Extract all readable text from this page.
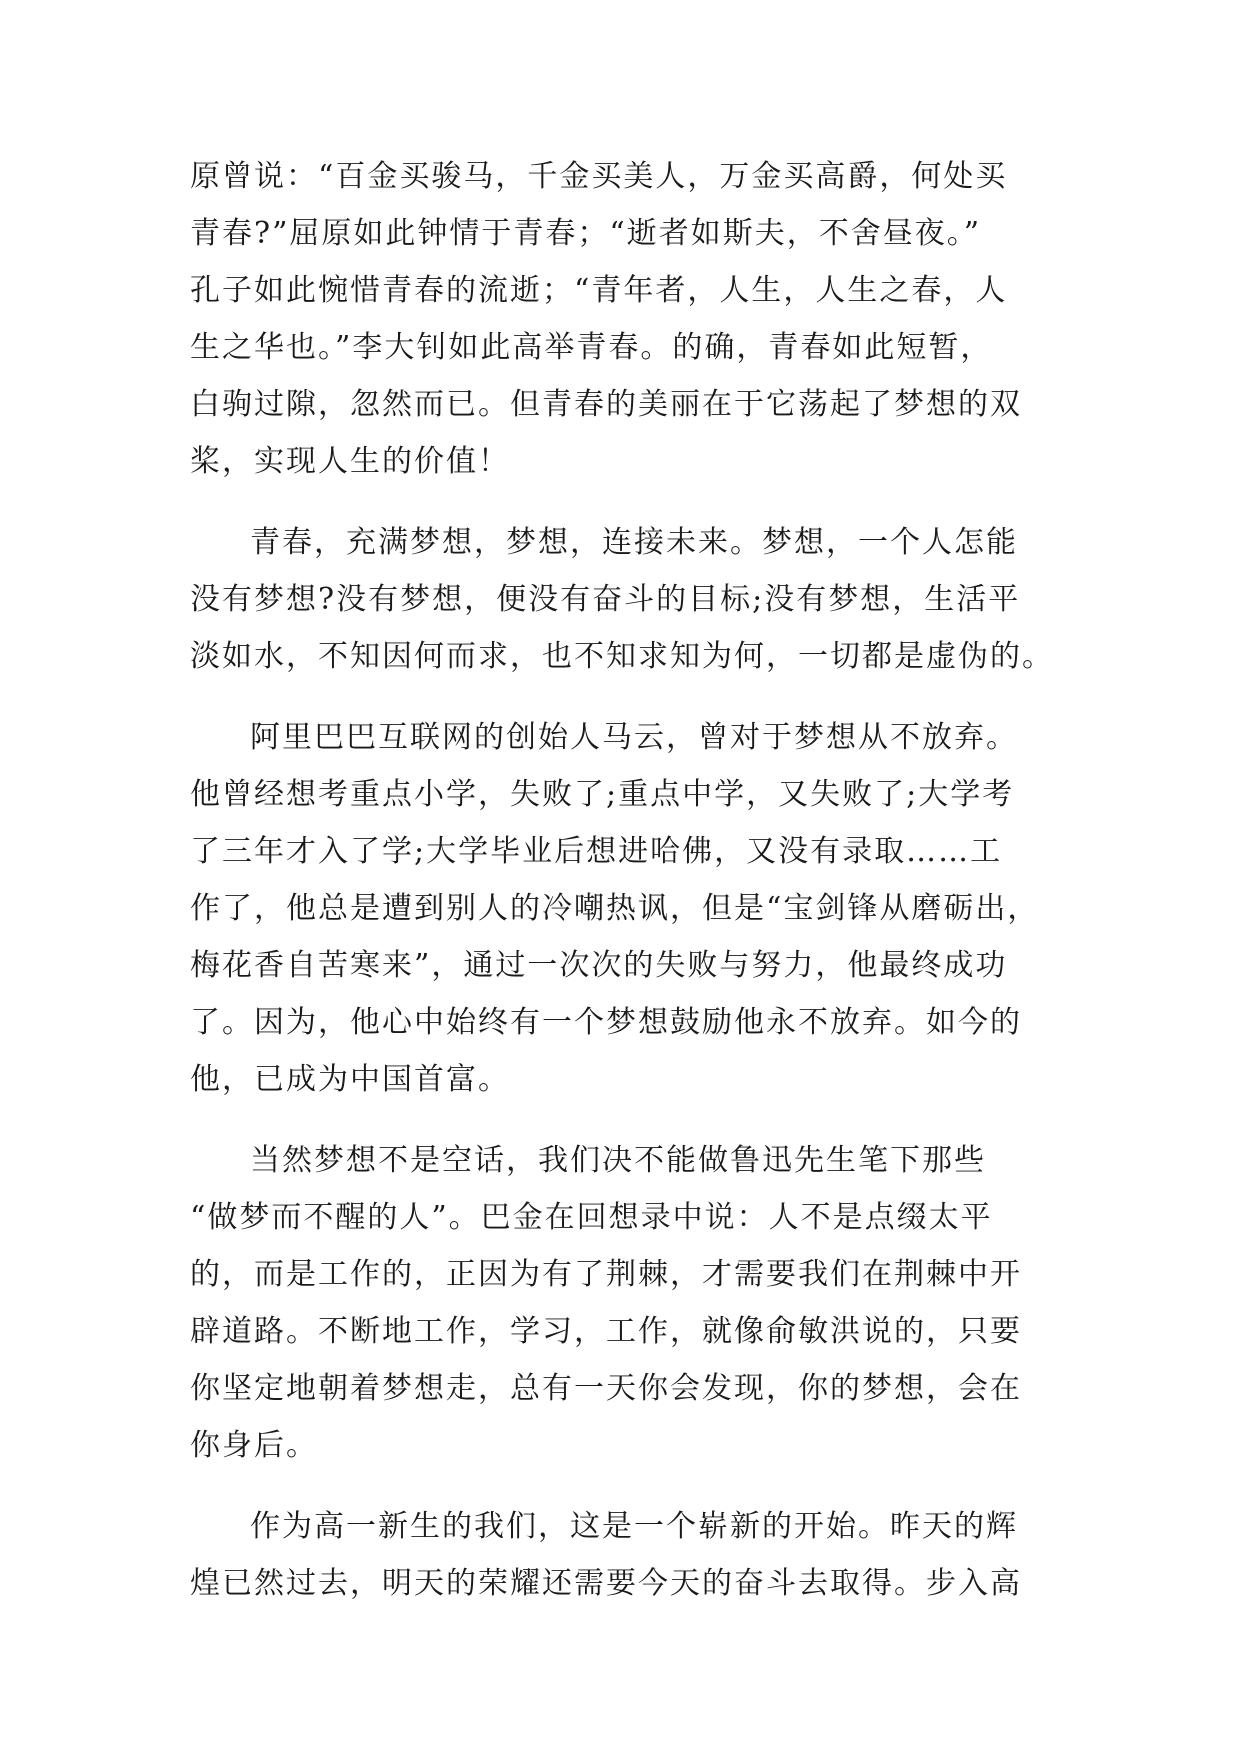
原曾说：“百金买骏马，千金买美人，万金买高爵，何处买
青春?”屈原如此钟情于青春；“逝者如斯夫，不舍昼夜。”
孔子如此惋惜青春的流逝；“青年者，人生，人生之春，人
生之华也。”李大钊如此高举青春。的确，青春如此短暂，
白驹过隙，忽然而已。但青春的美丽在于它荡起了梦想的双
桨，实现人生的价值！
青春，充满梦想，梦想，连接未来。梦想，一个人怎能
没有梦想?没有梦想，便没有奋斗的目标;没有梦想，生活平
淡如水，不知因何而求，也不知求知为何，一切都是虚伪的。
阿里巴巴互联网的创始人马云，曾对于梦想从不放弃。
他曾经想考重点小学，失败了;重点中学，又失败了;大学考
了三年才入了学;大学毕业后想进哈佛，又没有录取……工
作了，他总是遭到别人的冷嘲热讽，但是“宝剑锋从磨砺出，
梅花香自苦寒来”，通过一次次的失败与努力，他最终成功
了。因为，他心中始终有一个梦想鼓励他永不放弃。如今的
他，已成为中国首富。
当然梦想不是空话，我们决不能做鲁迅先生笔下那些
“做梦而不醒的人”。巴金在回想录中说：人不是点缀太平
的，而是工作的，正因为有了荆棘，才需要我们在荆棘中开
辟道路。不断地工作，学习，工作，就像俞敏洪说的，只要
你坚定地朝着梦想走，总有一天你会发现，你的梦想，会在
你身后。
作为高一新生的我们，这是一个崭新的开始。昨天的辉
煌已然过去，明天的荣耀还需要今天的奋斗去取得。步入高
